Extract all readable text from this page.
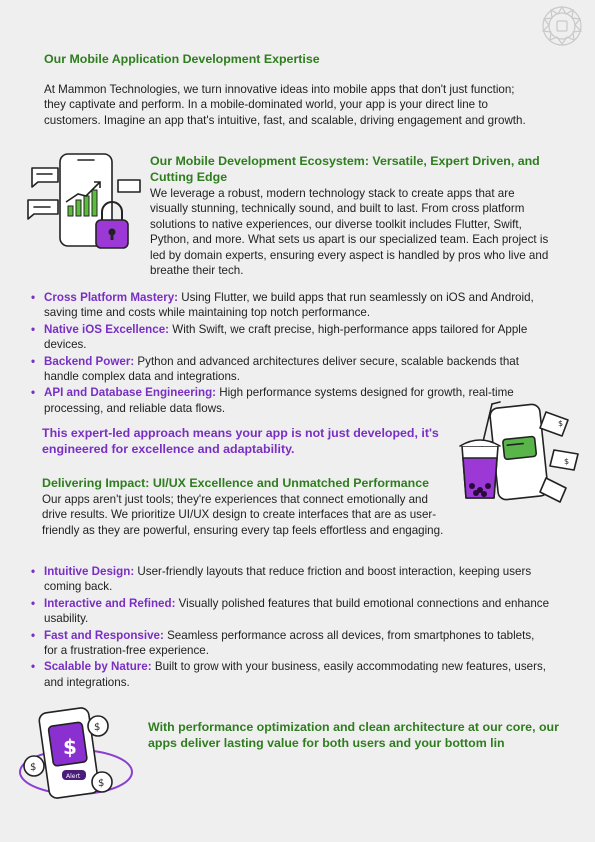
Our Mobile Application Development Expertise
At Mammon Technologies, we turn innovative ideas into mobile apps that don't just function; they captivate and perform. In a mobile-dominated world, your app is your direct line to customers. Imagine an app that's intuitive, fast, and scalable, driving engagement and growth.
Our Mobile Development Ecosystem: Versatile, Expert Driven, and Cutting Edge
We leverage a robust, modern technology stack to create apps that are visually stunning, technically sound, and built to last. From cross platform solutions to native experiences, our diverse toolkit includes Flutter, Swift, Python, and more. What sets us apart is our specialized team. Each project is led by domain experts, ensuring every aspect is handled by pros who live and breathe their tech.
• Cross Platform Mastery: Using Flutter, we build apps that run seamlessly on iOS and Android, saving time and costs while maintaining top notch performance.
• Native iOS Excellence: With Swift, we craft precise, high-performance apps tailored for Apple devices.
• Backend Power: Python and advanced architectures deliver secure, scalable backends that handle complex data and integrations.
• API and Database Engineering: High performance systems designed for growth, real-time processing, and reliable data flows.
This expert-led approach means your app is not just developed, it's engineered for excellence and adaptability.
$
$
Delivering Impact: UI/UX Excellence and Unmatched Performance
Our apps aren't just tools; they're experiences that connect emotionally and drive results. We prioritize UI/UX design to create interfaces that are as user-friendly as they are powerful, ensuring every tap feels effortless and engaging.
• Intuitive Design: User-friendly layouts that reduce friction and boost interaction, keeping users coming back.
• Interactive and Refined: Visually polished features that build emotional connections and enhance usability.
• Fast and Responsive: Seamless performance across all devices, from smartphones to tablets, for a frustration-free experience.
• Scalable by Nature: Built to grow with your business, easily accommodating new features, users, and integrations.
$
$
$
$
Alert
With performance optimization and clean architecture at our core, our apps deliver lasting value for both users and your bottom lin
